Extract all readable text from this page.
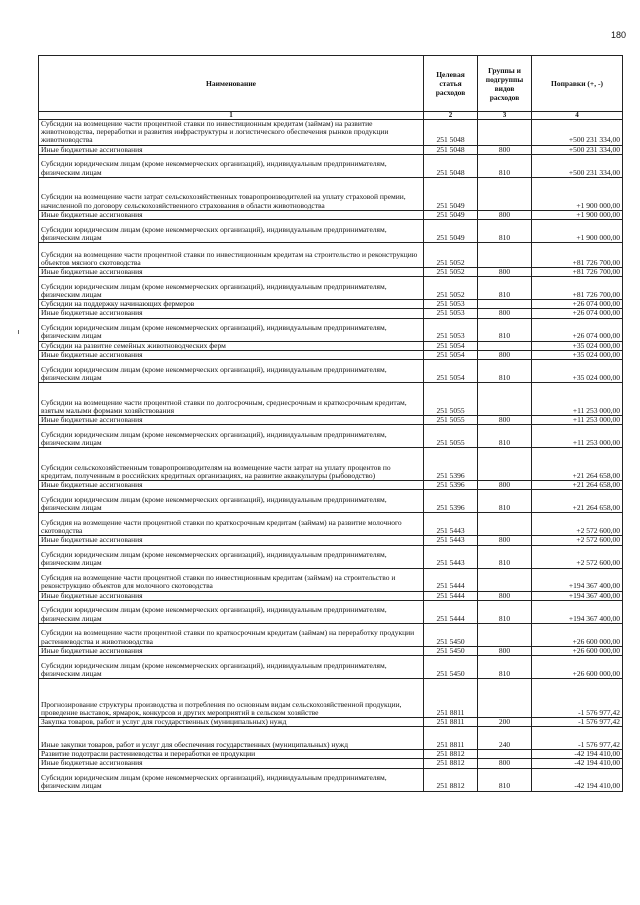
180
Наименование	Целевая статья расходов	Группы и подгруппы видов расходов	Поправки (+, -)
1	2	3	4
Субсидии на возмещение части процентной ставки по инвестиционным кредитам (займам) на развитие животноводства, переработки и развития инфраструктуры и логистического обеспечения рынков продукции животноводства	251 5048		+500 231 334,00
Иные бюджетные ассигнования	251 5048	800	+500 231 334,00
Субсидии юридическим лицам (кроме некоммерческих организаций), индивидуальным предпринимателям, физическим лицам	251 5048	810	+500 231 334,00
Субсидии на возмещение части затрат сельскохозяйственных товаропроизводителей на уплату страховой премии, начисленной по договору сельскохозяйственного страхования в области животноводства	251 5049		+1 900 000,00
Иные бюджетные ассигнования	251 5049	800	+1 900 000,00
Субсидии юридическим лицам (кроме некоммерческих организаций), индивидуальным предпринимателям, физическим лицам	251 5049	810	+1 900 000,00
Субсидии на возмещение части процентной ставки по инвестиционным кредитам на строительство и реконструкцию объектов мясного скотоводства	251 5052		+81 726 700,00
Иные бюджетные ассигнования	251 5052	800	+81 726 700,00
Субсидии юридическим лицам (кроме некоммерческих организаций), индивидуальным предпринимателям, физическим лицам	251 5052	810	+81 726 700,00
Субсидии на поддержку начинающих фермеров	251 5053		+26 074 000,00
Иные бюджетные ассигнования	251 5053	800	+26 074 000,00
Субсидии юридическим лицам (кроме некоммерческих организаций), индивидуальным предпринимателям, физическим лицам	251 5053	810	+26 074 000,00
Субсидии на развитие семейных животноводческих ферм	251 5054		+35 024 000,00
Иные бюджетные ассигнования	251 5054	800	+35 024 000,00
Субсидии юридическим лицам (кроме некоммерческих организаций), индивидуальным предпринимателям, физическим лицам	251 5054	810	+35 024 000,00
Субсидии на возмещение части процентной ставки по долгосрочным, среднесрочным и краткосрочным кредитам, взятым малыми формами хозяйствования	251 5055		+11 253 000,00
Иные бюджетные ассигнования	251 5055	800	+11 253 000,00
Субсидии юридическим лицам (кроме некоммерческих организаций), индивидуальным предпринимателям, физическим лицам	251 5055	810	+11 253 000,00
Субсидии сельскохозяйственным товаропроизводителям на возмещение части затрат на уплату процентов по кредитам, полученным в российских кредитных организациях, на развитие аквакультуры (рыбоводство)	251 5396		+21 264 658,00
Иные бюджетные ассигнования	251 5396	800	+21 264 658,00
Субсидии юридическим лицам (кроме некоммерческих организаций), индивидуальным предпринимателям, физическим лицам	251 5396	810	+21 264 658,00
Субсидия на возмещение части процентной ставки по краткосрочным кредитам (займам) на развитие молочного скотоводства	251 5443		+2 572 600,00
Иные бюджетные ассигнования	251 5443	800	+2 572 600,00
Субсидии юридическим лицам (кроме некоммерческих организаций), индивидуальным предпринимателям, физическим лицам	251 5443	810	+2 572 600,00
Субсидия на возмещение части процентной ставки по инвестиционным кредитам (займам) на строительство и реконструкцию объектов для молочного скотоводства	251 5444		+194 367 400,00
Иные бюджетные ассигнования	251 5444	800	+194 367 400,00
Субсидии юридическим лицам (кроме некоммерческих организаций), индивидуальным предпринимателям, физическим лицам	251 5444	810	+194 367 400,00
Субсидии на возмещение части процентной ставки по краткосрочным кредитам (займам) на переработку продукции растениеводства и животноводства	251 5450		+26 600 000,00
Иные бюджетные ассигнования	251 5450	800	+26 600 000,00
Субсидии юридическим лицам (кроме некоммерческих организаций), индивидуальным предпринимателям, физическим лицам	251 5450	810	+26 600 000,00
Прогнозирование структуры производства и потребления по основным видам сельскохозяйственной продукции, проведение выставок, ярмарок, конкурсов и других мероприятий в сельском хозяйстве	251 8811		-1 576 977,42
Закупка товаров, работ и услуг для государственных (муниципальных) нужд	251 8811	200	-1 576 977,42
Иные закупки товаров, работ и услуг для обеспечения государственных (муниципальных) нужд	251 8811	240	-1 576 977,42
Развитие подотрасли растениеводства и переработки ее продукции	251 8812		-42 194 410,00
Иные бюджетные ассигнования	251 8812	800	-42 194 410,00
Субсидии юридическим лицам (кроме некоммерческих организаций), индивидуальным предпринимателям, физическим лицам	251 8812	810	-42 194 410,00
